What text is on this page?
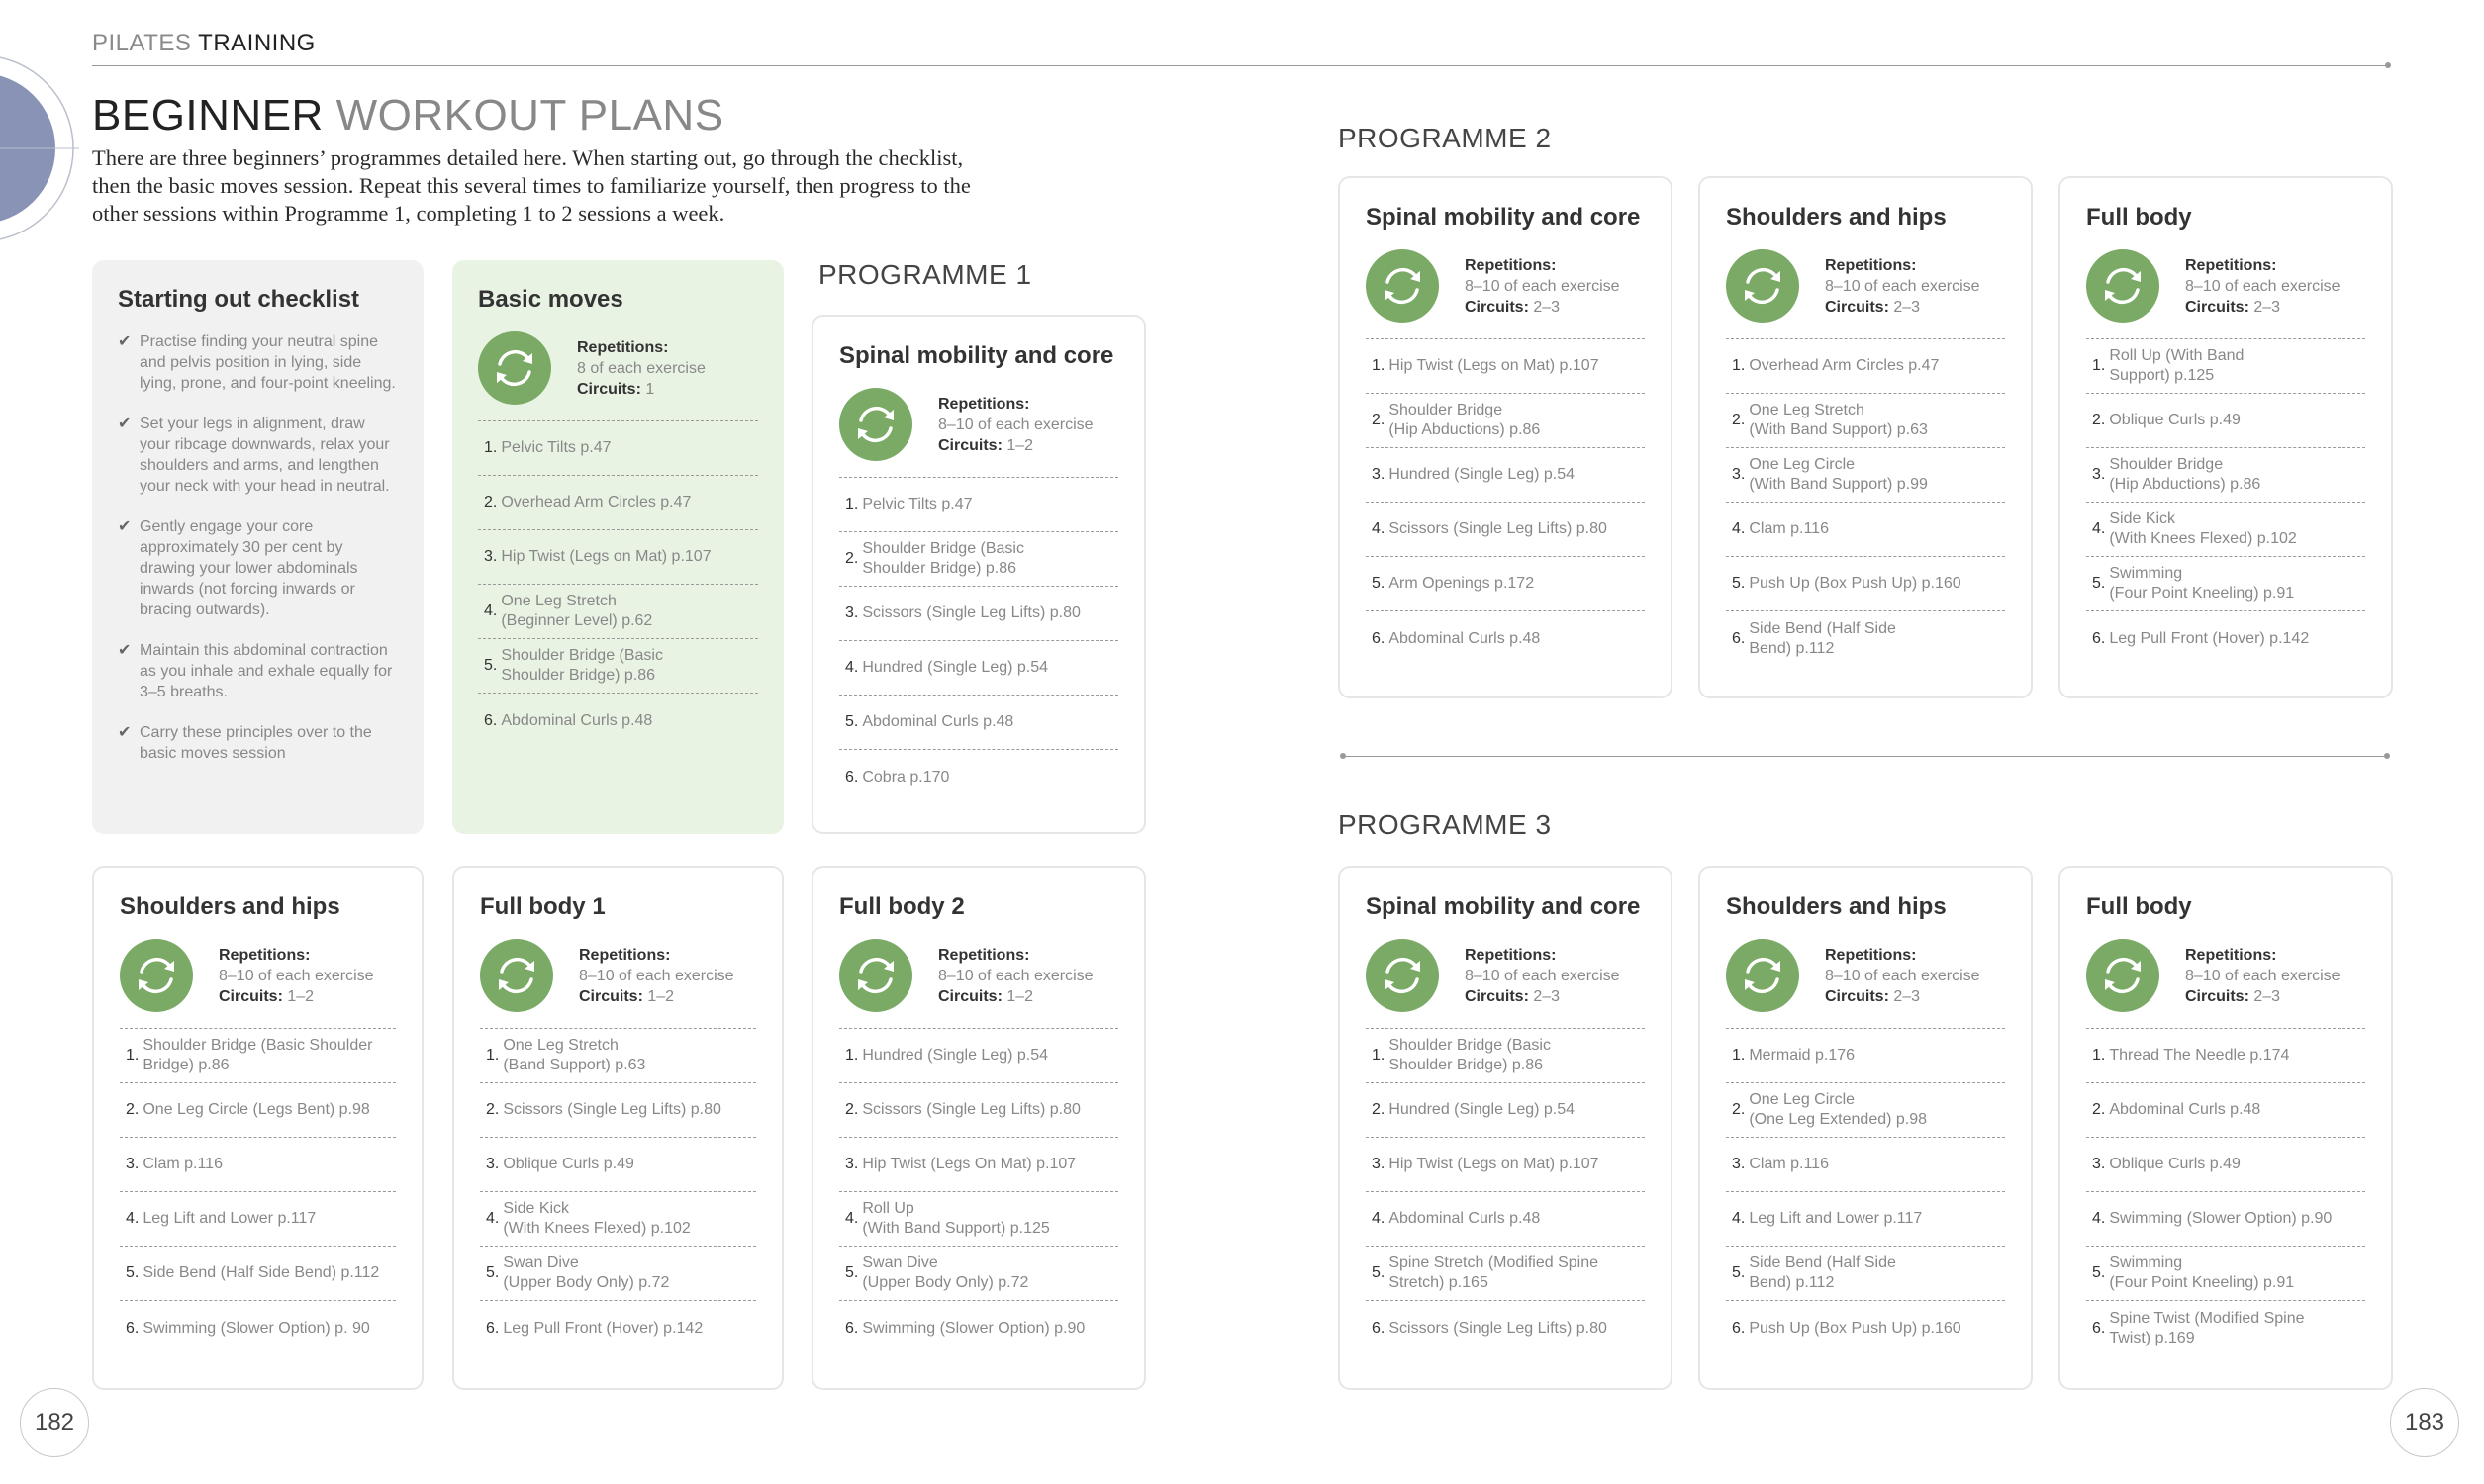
PILATES TRAINING
BEGINNER WORKOUT PLANS
There are three beginners’ programmes detailed here. When starting out, go through the checklist, then the basic moves session. Repeat this several times to familiarize yourself, then progress to the other sessions within Programme 1, completing 1 to 2 sessions a week.
Starting out checklist
✔ Practise finding your neutral spine and pelvis position in lying, side lying, prone, and four-point kneeling.
✔ Set your legs in alignment, draw your ribcage downwards, relax your shoulders and arms, and lengthen your neck with your head in neutral.
✔ Gently engage your core approximately 30 per cent by drawing your lower abdominals inwards (not forcing inwards or bracing outwards).
✔ Maintain this abdominal contraction as you inhale and exhale equally for 3–5 breaths.
✔ Carry these principles over to the basic moves session
Basic moves
Repetitions:
8 of each exercise
Circuits: 1
1. Pelvic Tilts p.47
2. Overhead Arm Circles p.47
3. Hip Twist (Legs on Mat) p.107
4.
One Leg Stretch
(Beginner Level) p.62
5.
Shoulder Bridge (Basic
Shoulder Bridge) p.86
6. Abdominal Curls p.48
PROGRAMME 1
Spinal mobility and core
Repetitions:
8–10 of each exercise
Circuits: 1–2
1. Pelvic Tilts p.47
2.
Shoulder Bridge (Basic
Shoulder Bridge) p.86
3. Scissors (Single Leg Lifts) p.80
4. Hundred (Single Leg) p.54
5. Abdominal Curls p.48
6. Cobra p.170
Shoulders and hips
Repetitions:
8–10 of each exercise
Circuits: 1–2
1.
Shoulder Bridge (Basic Shoulder
Bridge) p.86
2. One Leg Circle (Legs Bent) p.98
3. Clam p.116
4. Leg Lift and Lower p.117
5. Side Bend (Half Side Bend) p.112
6. Swimming (Slower Option) p. 90
Full body 1
Repetitions:
8–10 of each exercise
Circuits: 1–2
1.
One Leg Stretch
(Band Support) p.63
2. Scissors (Single Leg Lifts) p.80
3. Oblique Curls p.49
4.
Side Kick
(With Knees Flexed) p.102
5.
Swan Dive
(Upper Body Only) p.72
6. Leg Pull Front (Hover) p.142
Full body 2
Repetitions:
8–10 of each exercise
Circuits: 1–2
1. Hundred (Single Leg) p.54
2. Scissors (Single Leg Lifts) p.80
3. Hip Twist (Legs On Mat) p.107
4.
Roll Up
(With Band Support) p.125
5.
Swan Dive
(Upper Body Only) p.72
6. Swimming (Slower Option) p.90
PROGRAMME 2
Spinal mobility and core
Repetitions:
8–10 of each exercise
Circuits: 2–3
1. Hip Twist (Legs on Mat) p.107
2.
Shoulder Bridge
(Hip Abductions) p.86
3. Hundred (Single Leg) p.54
4. Scissors (Single Leg Lifts) p.80
5. Arm Openings p.172
6. Abdominal Curls p.48
Shoulders and hips
Repetitions:
8–10 of each exercise
Circuits: 2–3
1. Overhead Arm Circles p.47
2.
One Leg Stretch
(With Band Support) p.63
3.
One Leg Circle
(With Band Support) p.99
4. Clam p.116
5. Push Up (Box Push Up) p.160
6.
Side Bend (Half Side
Bend) p.112
Full body
Repetitions:
8–10 of each exercise
Circuits: 2–3
1.
Roll Up (With Band
Support) p.125
2. Oblique Curls p.49
3.
Shoulder Bridge
(Hip Abductions) p.86
4.
Side Kick
(With Knees Flexed) p.102
5.
Swimming
(Four Point Kneeling) p.91
6. Leg Pull Front (Hover) p.142
PROGRAMME 3
Spinal mobility and core
Repetitions:
8–10 of each exercise
Circuits: 2–3
1.
Shoulder Bridge (Basic
Shoulder Bridge) p.86
2. Hundred (Single Leg) p.54
3. Hip Twist (Legs on Mat) p.107
4. Abdominal Curls p.48
5.
Spine Stretch (Modified Spine
Stretch) p.165
6. Scissors (Single Leg Lifts) p.80
Shoulders and hips
Repetitions:
8–10 of each exercise
Circuits: 2–3
1. Mermaid p.176
2.
One Leg Circle
(One Leg Extended) p.98
3. Clam p.116
4. Leg Lift and Lower p.117
5.
Side Bend (Half Side
Bend) p.112
6. Push Up (Box Push Up) p.160
Full body
Repetitions:
8–10 of each exercise
Circuits: 2–3
1. Thread The Needle p.174
2. Abdominal Curls p.48
3. Oblique Curls p.49
4. Swimming (Slower Option) p.90
5.
Swimming
(Four Point Kneeling) p.91
6.
Spine Twist (Modified Spine
Twist) p.169
182	183
